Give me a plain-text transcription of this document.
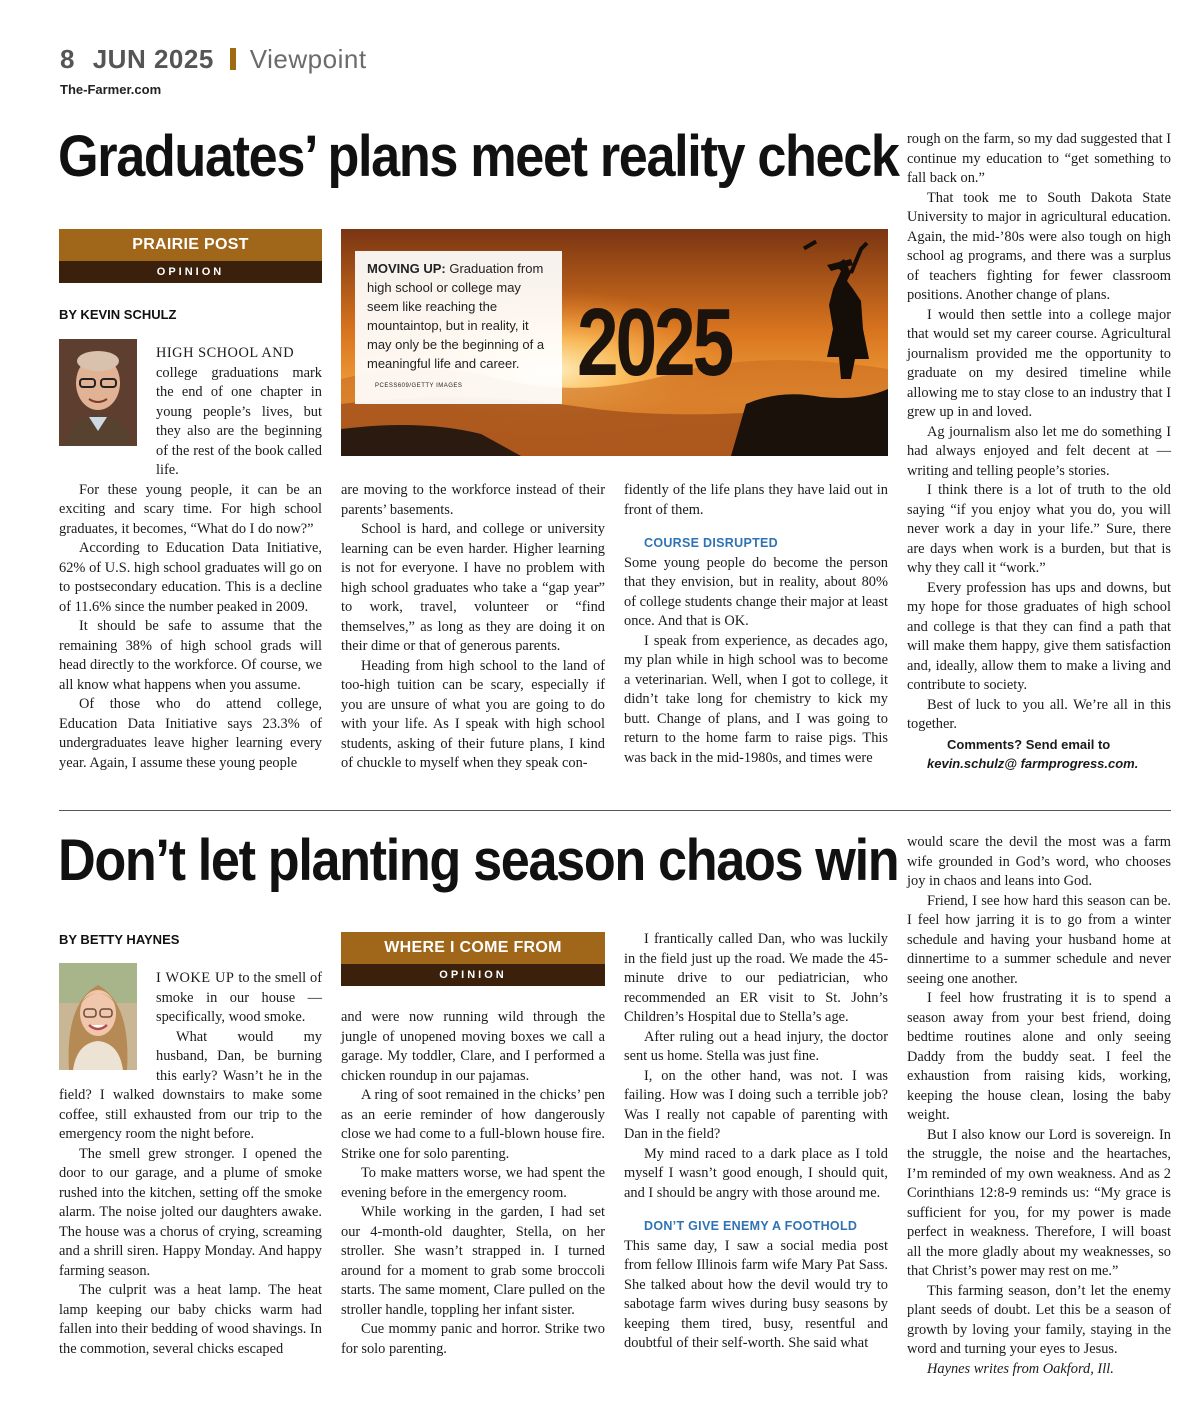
8 JUN 2025 Viewpoint
The-Farmer.com
Graduates’ plans meet reality check
PRAIRIE POST
OPINION
BY KEVIN SCHULZ	2025
MOVING UP: Graduation from high school or college may seem like reaching the mountaintop, but in reality, it may only be the beginning of a meaningful life and career. PCESS609/GETTY IMAGES

HIGH SCHOOL AND

college graduations mark the end of one chapter in young people’s lives, but they also are the beginning of the rest of the book called life.

For these young people, it can be an exciting and scary time. For high school graduates, it becomes, “What do I do now?”

According to Education Data Initiative, 62% of U.S. high school graduates will go on to postsecondary education. This is a decline of 11.6% since the number peaked in 2009.

It should be safe to assume that the remaining 38% of high school grads will head directly to the workforce. Of course, we all know what happens when you assume.

Of those who do attend college, Education Data Initiative says 23.3% of undergraduates leave higher learning every year. Again, I assume these young people

are moving to the workforce instead of their parents’ basements.

School is hard, and college or university learning can be even harder. Higher learning is not for everyone. I have no problem with high school graduates who take a “gap year” to work, travel, volunteer or “find themselves,” as long as they are doing it on their dime or that of generous parents.

Heading from high school to the land of too-high tuition can be scary, especially if you are unsure of what you are going to do with your life. As I speak with high school students, asking of their future plans, I kind of chuckle to myself when they speak con-

fidently of the life plans they have laid out in front of them.

COURSE DISRUPTED

Some young people do become the person that they envision, but in reality, about 80% of college students change their major at least once. And that is OK.

I speak from experience, as decades ago, my plan while in high school was to become a veterinarian. Well, when I got to college, it didn’t take long for chemistry to kick my butt. Change of plans, and I was going to return to the home farm to raise pigs. This was back in the mid-1980s, and times were

rough on the farm, so my dad suggested that I continue my education to “get something to fall back on.”

That took me to South Dakota State University to major in agricultural education. Again, the mid-’80s were also tough on high school ag programs, and there was a surplus of teachers fighting for fewer classroom positions. Another change of plans.

I would then settle into a college major that would set my career course. Agricultural journalism provided me the opportunity to graduate on my desired timeline while allowing me to stay close to an industry that I grew up in and loved.

Ag journalism also let me do something I had always enjoyed and felt decent at — writing and telling people’s stories.

I think there is a lot of truth to the old saying “if you enjoy what you do, you will never work a day in your life.” Sure, there are days when work is a burden, but that is why they call it “work.”

Every profession has ups and downs, but my hope for those graduates of high school and college is that they can find a path that will make them happy, give them satisfaction and, ideally, allow them to make a living and contribute to society.

Best of luck to you all. We’re all in this together.

Comments? Send email to kevin.schulz@ farmprogress.com.

Don’t let planting season chaos win
BY BETTY HAYNES	WHERE I COME FROM
OPINION

I WOKE UP to the smell of smoke in our house — specifically, wood smoke.

What would my husband, Dan, be burning this early? Wasn’t he in the field? I walked downstairs to make some coffee, still exhausted from our trip to the emergency room the night before.

The smell grew stronger. I opened the door to our garage, and a plume of smoke rushed into the kitchen, setting off the smoke alarm. The noise jolted our daughters awake. The house was a chorus of crying, screaming and a shrill siren. Happy Monday. And happy farming season.

The culprit was a heat lamp. The heat lamp keeping our baby chicks warm had fallen into their bedding of wood shavings. In the commotion, several chicks escaped

and were now running wild through the jungle of unopened moving boxes we call a garage. My toddler, Clare, and I performed a chicken roundup in our pajamas.

A ring of soot remained in the chicks’ pen as an eerie reminder of how dangerously close we had come to a full-blown house fire. Strike one for solo parenting.

To make matters worse, we had spent the evening before in the emergency room.

While working in the garden, I had set our 4-month-old daughter, Stella, on her stroller. She wasn’t strapped in. I turned around for a moment to grab some broccoli starts. The same moment, Clare pulled on the stroller handle, toppling her infant sister.

Cue mommy panic and horror. Strike two for solo parenting.

I frantically called Dan, who was luckily in the field just up the road. We made the 45-minute drive to our pediatrician, who recommended an ER visit to St. John’s Children’s Hospital due to Stella’s age.

After ruling out a head injury, the doctor sent us home. Stella was just fine.

I, on the other hand, was not. I was failing. How was I doing such a terrible job? Was I really not capable of parenting with Dan in the field?

My mind raced to a dark place as I told myself I wasn’t good enough, I should quit, and I should be angry with those around me.

DON’T GIVE ENEMY A FOOTHOLD

This same day, I saw a social media post from fellow Illinois farm wife Mary Pat Sass. She talked about how the devil would try to sabotage farm wives during busy seasons by keeping them tired, busy, resentful and doubtful of their self-worth. She said what

would scare the devil the most was a farm wife grounded in God’s word, who chooses joy in chaos and leans into God.

Friend, I see how hard this season can be. I feel how jarring it is to go from a winter schedule and having your husband home at dinnertime to a summer schedule and never seeing one another.

I feel how frustrating it is to spend a season away from your best friend, doing bedtime routines alone and only seeing Daddy from the buddy seat. I feel the exhaustion from raising kids, working, keeping the house clean, losing the baby weight.

But I also know our Lord is sovereign. In the struggle, the noise and the heartaches, I’m reminded of my own weakness. And as 2 Corinthians 12:8-9 reminds us: “My grace is sufficient for you, for my power is made perfect in weakness. Therefore, I will boast all the more gladly about my weaknesses, so that Christ’s power may rest on me.”

This farming season, don’t let the enemy plant seeds of doubt. Let this be a season of growth by loving your family, staying in the word and turning your eyes to Jesus.

Haynes writes from Oakford, Ill.
